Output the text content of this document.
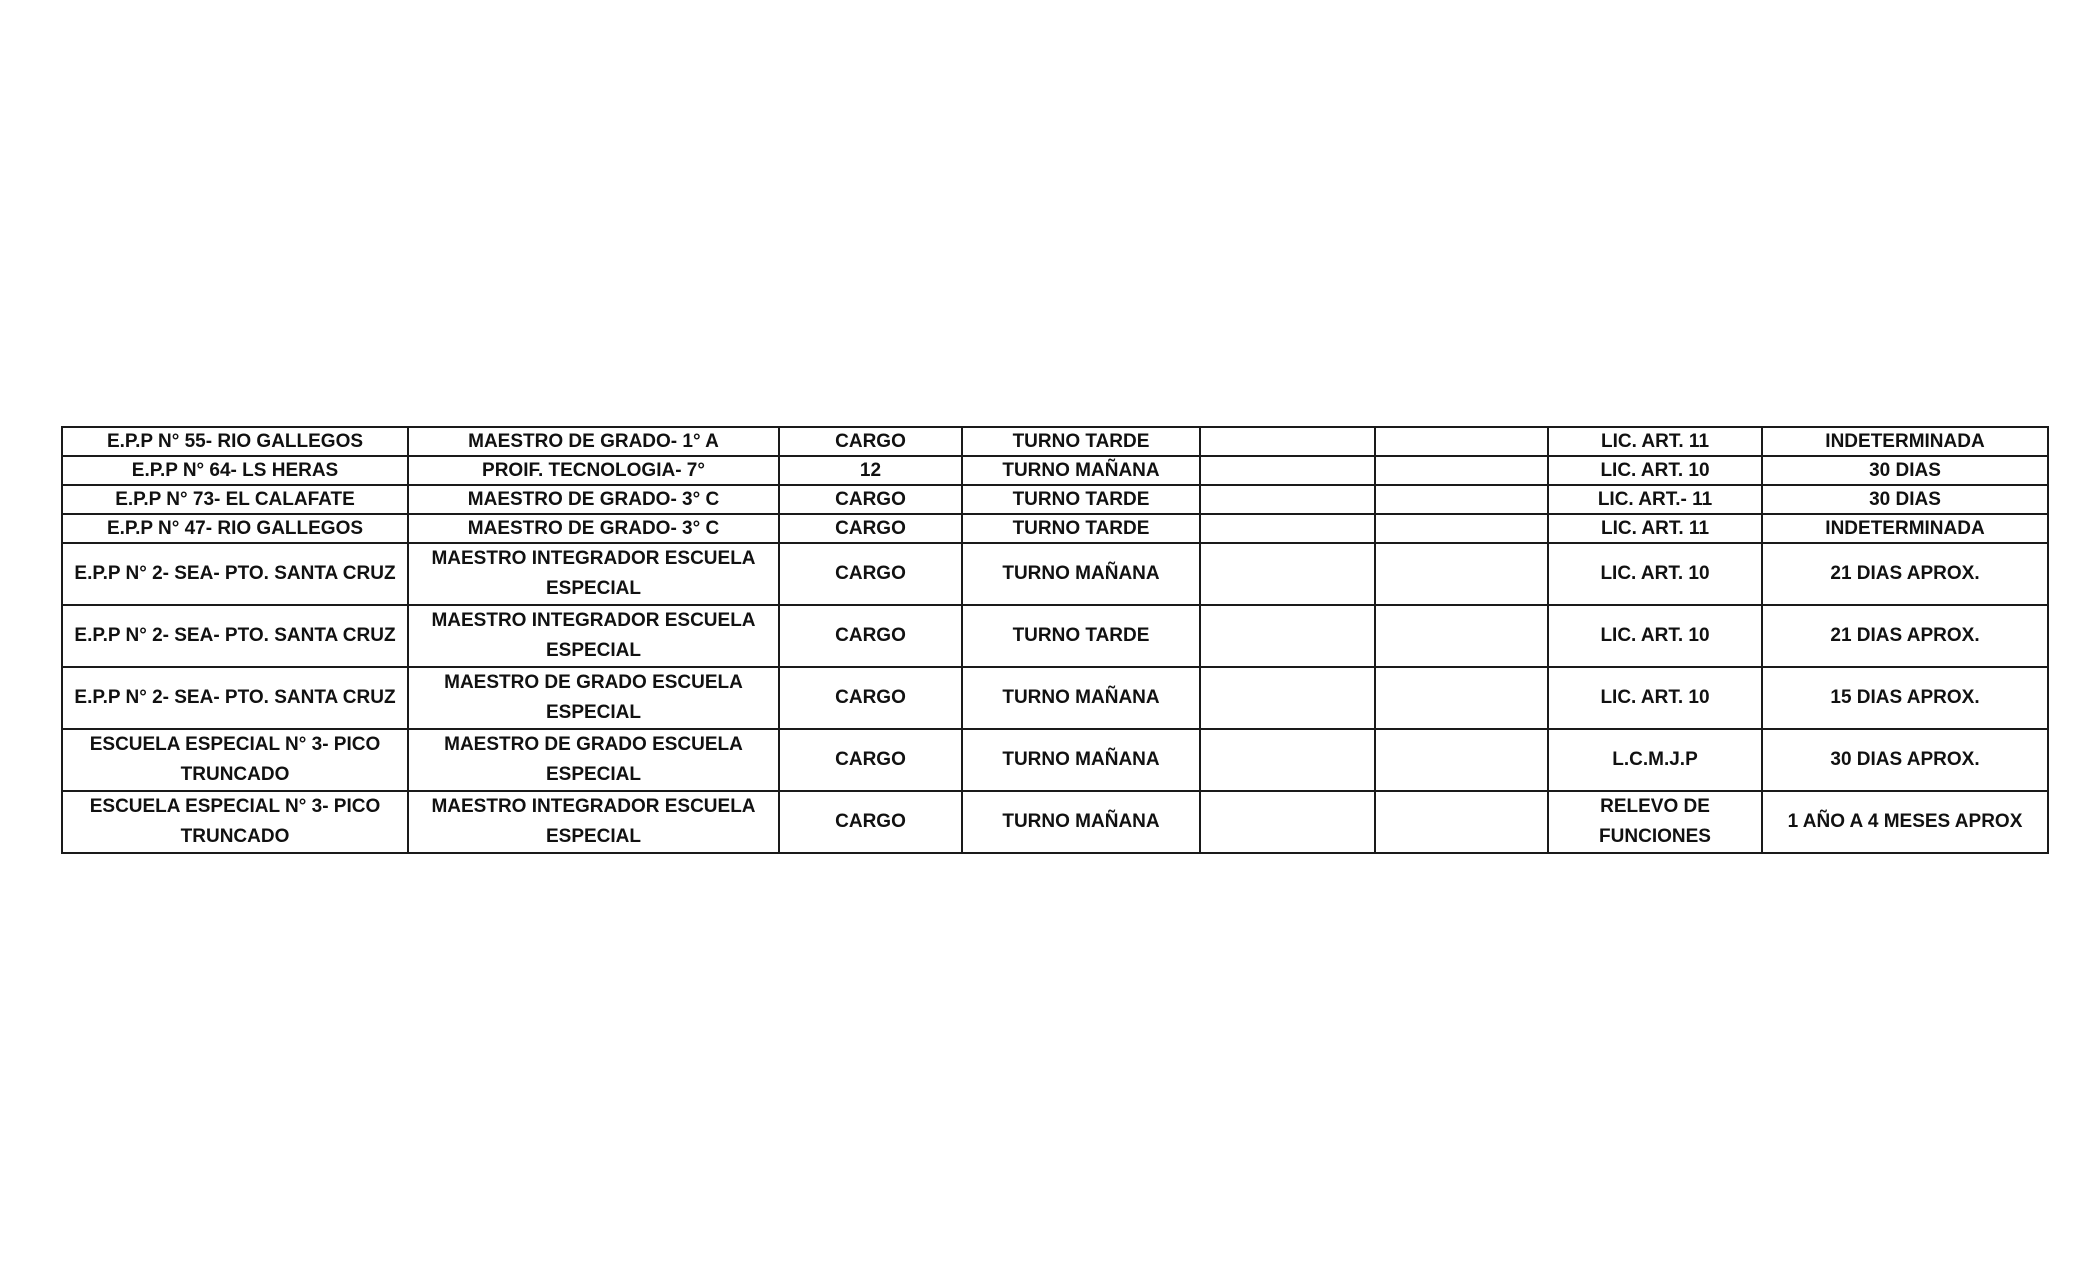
E.P.P N° 55- RIO GALLEGOS	MAESTRO DE GRADO- 1° A	CARGO	TURNO TARDE			LIC. ART. 11	INDETERMINADA
E.P.P N° 64- LS HERAS	PROIF. TECNOLOGIA- 7°	12	TURNO MAÑANA			LIC. ART. 10	30 DIAS
E.P.P N° 73- EL CALAFATE	MAESTRO DE GRADO- 3° C	CARGO	TURNO TARDE			LIC. ART.- 11	30 DIAS
E.P.P N° 47- RIO GALLEGOS	MAESTRO DE GRADO- 3° C	CARGO	TURNO TARDE			LIC. ART. 11	INDETERMINADA
E.P.P N° 2- SEA- PTO. SANTA CRUZ	MAESTRO INTEGRADOR ESCUELA ESPECIAL	CARGO	TURNO MAÑANA			LIC. ART. 10	21 DIAS APROX.
E.P.P N° 2- SEA- PTO. SANTA CRUZ	MAESTRO INTEGRADOR ESCUELA ESPECIAL	CARGO	TURNO TARDE			LIC. ART. 10	21 DIAS APROX.
E.P.P N° 2- SEA- PTO. SANTA CRUZ	MAESTRO DE GRADO ESCUELA ESPECIAL	CARGO	TURNO MAÑANA			LIC. ART. 10	15 DIAS APROX.
ESCUELA ESPECIAL N° 3- PICO TRUNCADO	MAESTRO DE GRADO ESCUELA ESPECIAL	CARGO	TURNO MAÑANA			L.C.M.J.P	30 DIAS APROX.
ESCUELA ESPECIAL N° 3- PICO TRUNCADO	MAESTRO INTEGRADOR ESCUELA ESPECIAL	CARGO	TURNO MAÑANA			RELEVO DE FUNCIONES	1 AÑO A 4 MESES APROX
